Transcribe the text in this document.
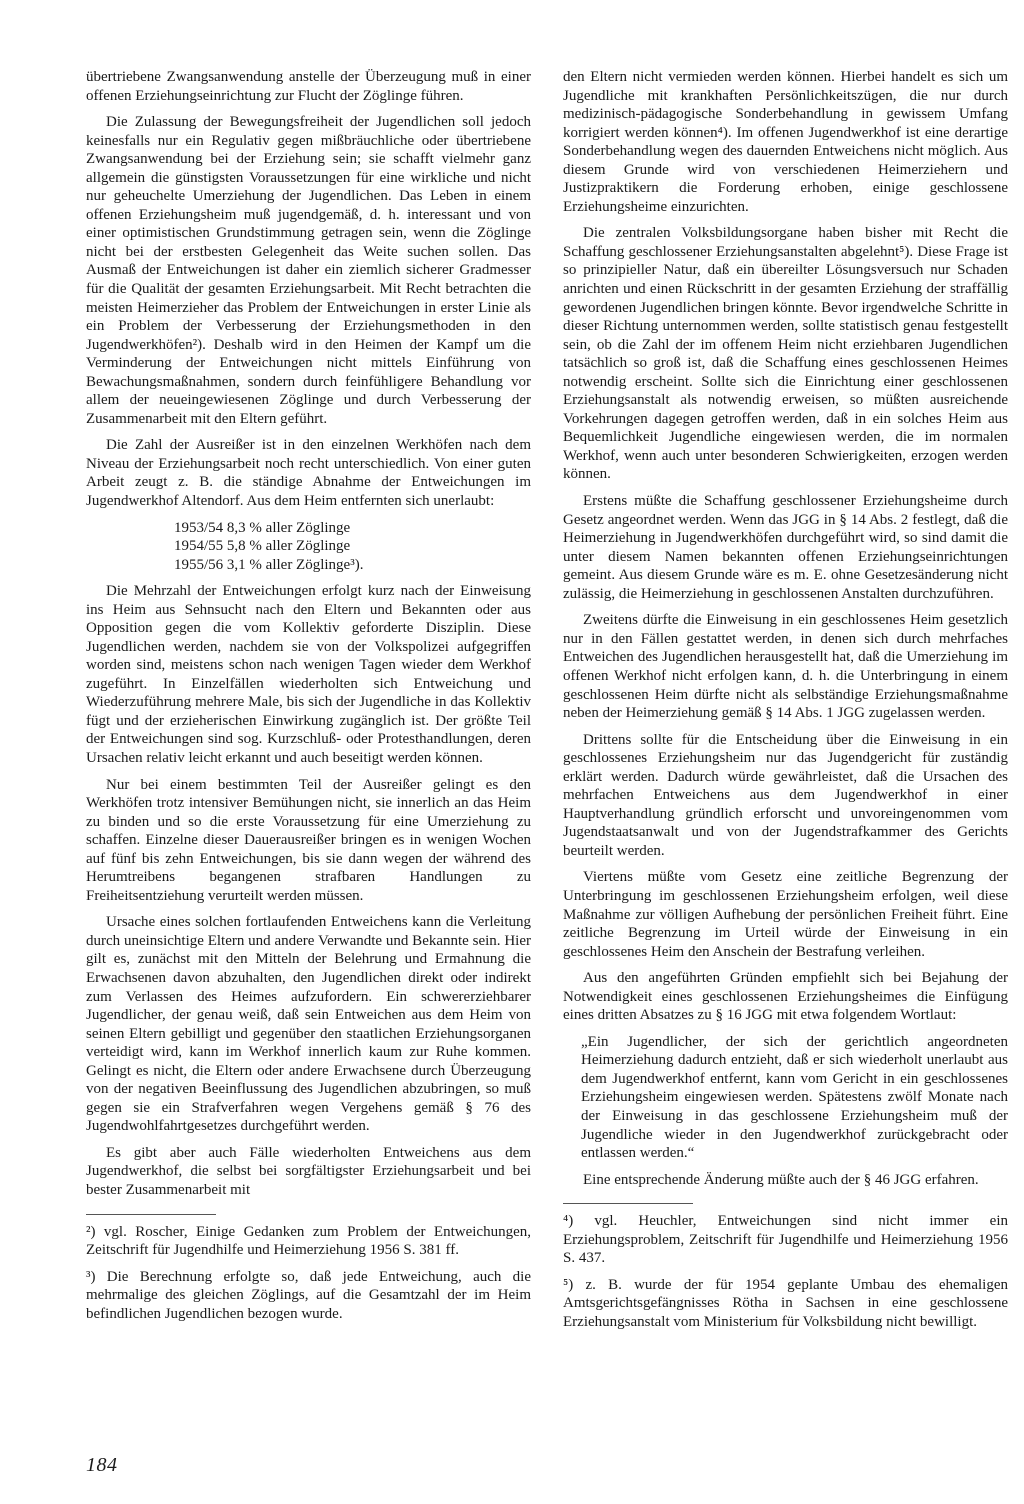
übertriebene Zwangsanwendung anstelle der Überzeugung muß in einer offenen Erziehungseinrichtung zur Flucht der Zöglinge führen.

Die Zulassung der Bewegungsfreiheit der Jugendlichen soll jedoch keinesfalls nur ein Regulativ gegen mißbräuchliche oder übertriebene Zwangsanwendung bei der Erziehung sein; sie schafft vielmehr ganz allgemein die günstigsten Voraussetzungen für eine wirkliche und nicht nur geheuchelte Umerziehung der Jugendlichen. Das Leben in einem offenen Erziehungsheim muß jugendgemäß, d. h. interessant und von einer optimistischen Grundstimmung getragen sein, wenn die Zöglinge nicht bei der erstbesten Gelegenheit das Weite suchen sollen. Das Ausmaß der Entweichungen ist daher ein ziemlich sicherer Gradmesser für die Qualität der gesamten Erziehungsarbeit. Mit Recht betrachten die meisten Heimerzieher das Problem der Entweichungen in erster Linie als ein Problem der Verbesserung der Erziehungsmethoden in den Jugendwerkhöfen²). Deshalb wird in den Heimen der Kampf um die Verminderung der Entweichungen nicht mittels Einführung von Bewachungsmaßnahmen, sondern durch feinfühligere Behandlung vor allem der neueingewiesenen Zöglinge und durch Verbesserung der Zusammenarbeit mit den Eltern geführt.

Die Zahl der Ausreißer ist in den einzelnen Werkhöfen nach dem Niveau der Erziehungsarbeit noch recht unterschiedlich. Von einer guten Arbeit zeugt z. B. die ständige Abnahme der Entweichungen im Jugendwerkhof Altendorf. Aus dem Heim entfernten sich unerlaubt:

1953/54 8,3 % aller Zöglinge
1954/55 5,8 % aller Zöglinge
1955/56 3,1 % aller Zöglinge³).

Die Mehrzahl der Entweichungen erfolgt kurz nach der Einweisung ins Heim aus Sehnsucht nach den Eltern und Bekannten oder aus Opposition gegen die vom Kollektiv geforderte Disziplin. Diese Jugendlichen werden, nachdem sie von der Volkspolizei aufgegriffen worden sind, meistens schon nach wenigen Tagen wieder dem Werkhof zugeführt. In Einzelfällen wiederholten sich Entweichung und Wiederzuführung mehrere Male, bis sich der Jugendliche in das Kollektiv fügt und der erzieherischen Einwirkung zugänglich ist. Der größte Teil der Entweichungen sind sog. Kurzschluß- oder Protesthandlungen, deren Ursachen relativ leicht erkannt und auch beseitigt werden können.

Nur bei einem bestimmten Teil der Ausreißer gelingt es den Werkhöfen trotz intensiver Bemühungen nicht, sie innerlich an das Heim zu binden und so die erste Voraussetzung für eine Umerziehung zu schaffen. Einzelne dieser Dauerausreißer bringen es in wenigen Wochen auf fünf bis zehn Entweichungen, bis sie dann wegen der während des Herumtreibens begangenen strafbaren Handlungen zu Freiheitsentziehung verurteilt werden müssen.

Ursache eines solchen fortlaufenden Entweichens kann die Verleitung durch uneinsichtige Eltern und andere Verwandte und Bekannte sein. Hier gilt es, zunächst mit den Mitteln der Belehrung und Ermahnung die Erwachsenen davon abzuhalten, den Jugendlichen direkt oder indirekt zum Verlassen des Heimes aufzufordern. Ein schwererziehbarer Jugendlicher, der genau weiß, daß sein Entweichen aus dem Heim von seinen Eltern gebilligt und gegenüber den staatlichen Erziehungsorganen verteidigt wird, kann im Werkhof innerlich kaum zur Ruhe kommen. Gelingt es nicht, die Eltern oder andere Erwachsene durch Überzeugung von der negativen Beeinflussung des Jugendlichen abzubringen, so muß gegen sie ein Strafverfahren wegen Vergehens gemäß § 76 des Jugendwohlfahrtgesetzes durchgeführt werden.

Es gibt aber auch Fälle wiederholten Entweichens aus dem Jugendwerkhof, die selbst bei sorgfältigster Erziehungsarbeit und bei bester Zusammenarbeit mit

²) vgl. Roscher, Einige Gedanken zum Problem der Entweichungen, Zeitschrift für Jugendhilfe und Heimerziehung 1956 S. 381 ff.

³) Die Berechnung erfolgte so, daß jede Entweichung, auch die mehrmalige des gleichen Zöglings, auf die Gesamtzahl der im Heim befindlichen Jugendlichen bezogen wurde.

den Eltern nicht vermieden werden können. Hierbei handelt es sich um Jugendliche mit krankhaften Persönlichkeitszügen, die nur durch medizinisch-pädagogische Sonderbehandlung in gewissem Umfang korrigiert werden können⁴). Im offenen Jugendwerkhof ist eine derartige Sonderbehandlung wegen des dauernden Entweichens nicht möglich. Aus diesem Grunde wird von verschiedenen Heimerziehern und Justizpraktikern die Forderung erhoben, einige geschlossene Erziehungsheime einzurichten.

Die zentralen Volksbildungsorgane haben bisher mit Recht die Schaffung geschlossener Erziehungsanstalten abgelehnt⁵). Diese Frage ist so prinzipieller Natur, daß ein übereilter Lösungsversuch nur Schaden anrichten und einen Rückschritt in der gesamten Erziehung der straffällig gewordenen Jugendlichen bringen könnte. Bevor irgendwelche Schritte in dieser Richtung unternommen werden, sollte statistisch genau festgestellt sein, ob die Zahl der im offenem Heim nicht erziehbaren Jugendlichen tatsächlich so groß ist, daß die Schaffung eines geschlossenen Heimes notwendig erscheint. Sollte sich die Einrichtung einer geschlossenen Erziehungsanstalt als notwendig erweisen, so müßten ausreichende Vorkehrungen dagegen getroffen werden, daß in ein solches Heim aus Bequemlichkeit Jugendliche eingewiesen werden, die im normalen Werkhof, wenn auch unter besonderen Schwierigkeiten, erzogen werden können.

Erstens müßte die Schaffung geschlossener Erziehungsheime durch Gesetz angeordnet werden. Wenn das JGG in § 14 Abs. 2 festlegt, daß die Heimerziehung in Jugendwerkhöfen durchgeführt wird, so sind damit die unter diesem Namen bekannten offenen Erziehungseinrichtungen gemeint. Aus diesem Grunde wäre es m. E. ohne Gesetzesänderung nicht zulässig, die Heimerziehung in geschlossenen Anstalten durchzuführen.

Zweitens dürfte die Einweisung in ein geschlossenes Heim gesetzlich nur in den Fällen gestattet werden, in denen sich durch mehrfaches Entweichen des Jugendlichen herausgestellt hat, daß die Umerziehung im offenen Werkhof nicht erfolgen kann, d. h. die Unterbringung in einem geschlossenen Heim dürfte nicht als selbständige Erziehungsmaßnahme neben der Heimerziehung gemäß § 14 Abs. 1 JGG zugelassen werden.

Drittens sollte für die Entscheidung über die Einweisung in ein geschlossenes Erziehungsheim nur das Jugendgericht für zuständig erklärt werden. Dadurch würde gewährleistet, daß die Ursachen des mehrfachen Entweichens aus dem Jugendwerkhof in einer Hauptverhandlung gründlich erforscht und unvoreingenommen vom Jugendstaatsanwalt und von der Jugendstrafkammer des Gerichts beurteilt werden.

Viertens müßte vom Gesetz eine zeitliche Begrenzung der Unterbringung im geschlossenen Erziehungsheim erfolgen, weil diese Maßnahme zur völligen Aufhebung der persönlichen Freiheit führt. Eine zeitliche Begrenzung im Urteil würde der Einweisung in ein geschlossenes Heim den Anschein der Bestrafung verleihen.

Aus den angeführten Gründen empfiehlt sich bei Bejahung der Notwendigkeit eines geschlossenen Erziehungsheimes die Einfügung eines dritten Absatzes zu § 16 JGG mit etwa folgendem Wortlaut:

„Ein Jugendlicher, der sich der gerichtlich angeordneten Heimerziehung dadurch entzieht, daß er sich wiederholt unerlaubt aus dem Jugendwerkhof entfernt, kann vom Gericht in ein geschlossenes Erziehungsheim eingewiesen werden. Spätestens zwölf Monate nach der Einweisung in das geschlossene Erziehungsheim muß der Jugendliche wieder in den Jugendwerkhof zurückgebracht oder entlassen werden.“

Eine entsprechende Änderung müßte auch der § 46 JGG erfahren.

⁴) vgl. Heuchler, Entweichungen sind nicht immer ein Erziehungsproblem, Zeitschrift für Jugendhilfe und Heimerziehung 1956 S. 437.

⁵) z. B. wurde der für 1954 geplante Umbau des ehemaligen Amtsgerichtsgefängnisses Rötha in Sachsen in eine geschlossene Erziehungsanstalt vom Ministerium für Volksbildung nicht bewilligt.

184
